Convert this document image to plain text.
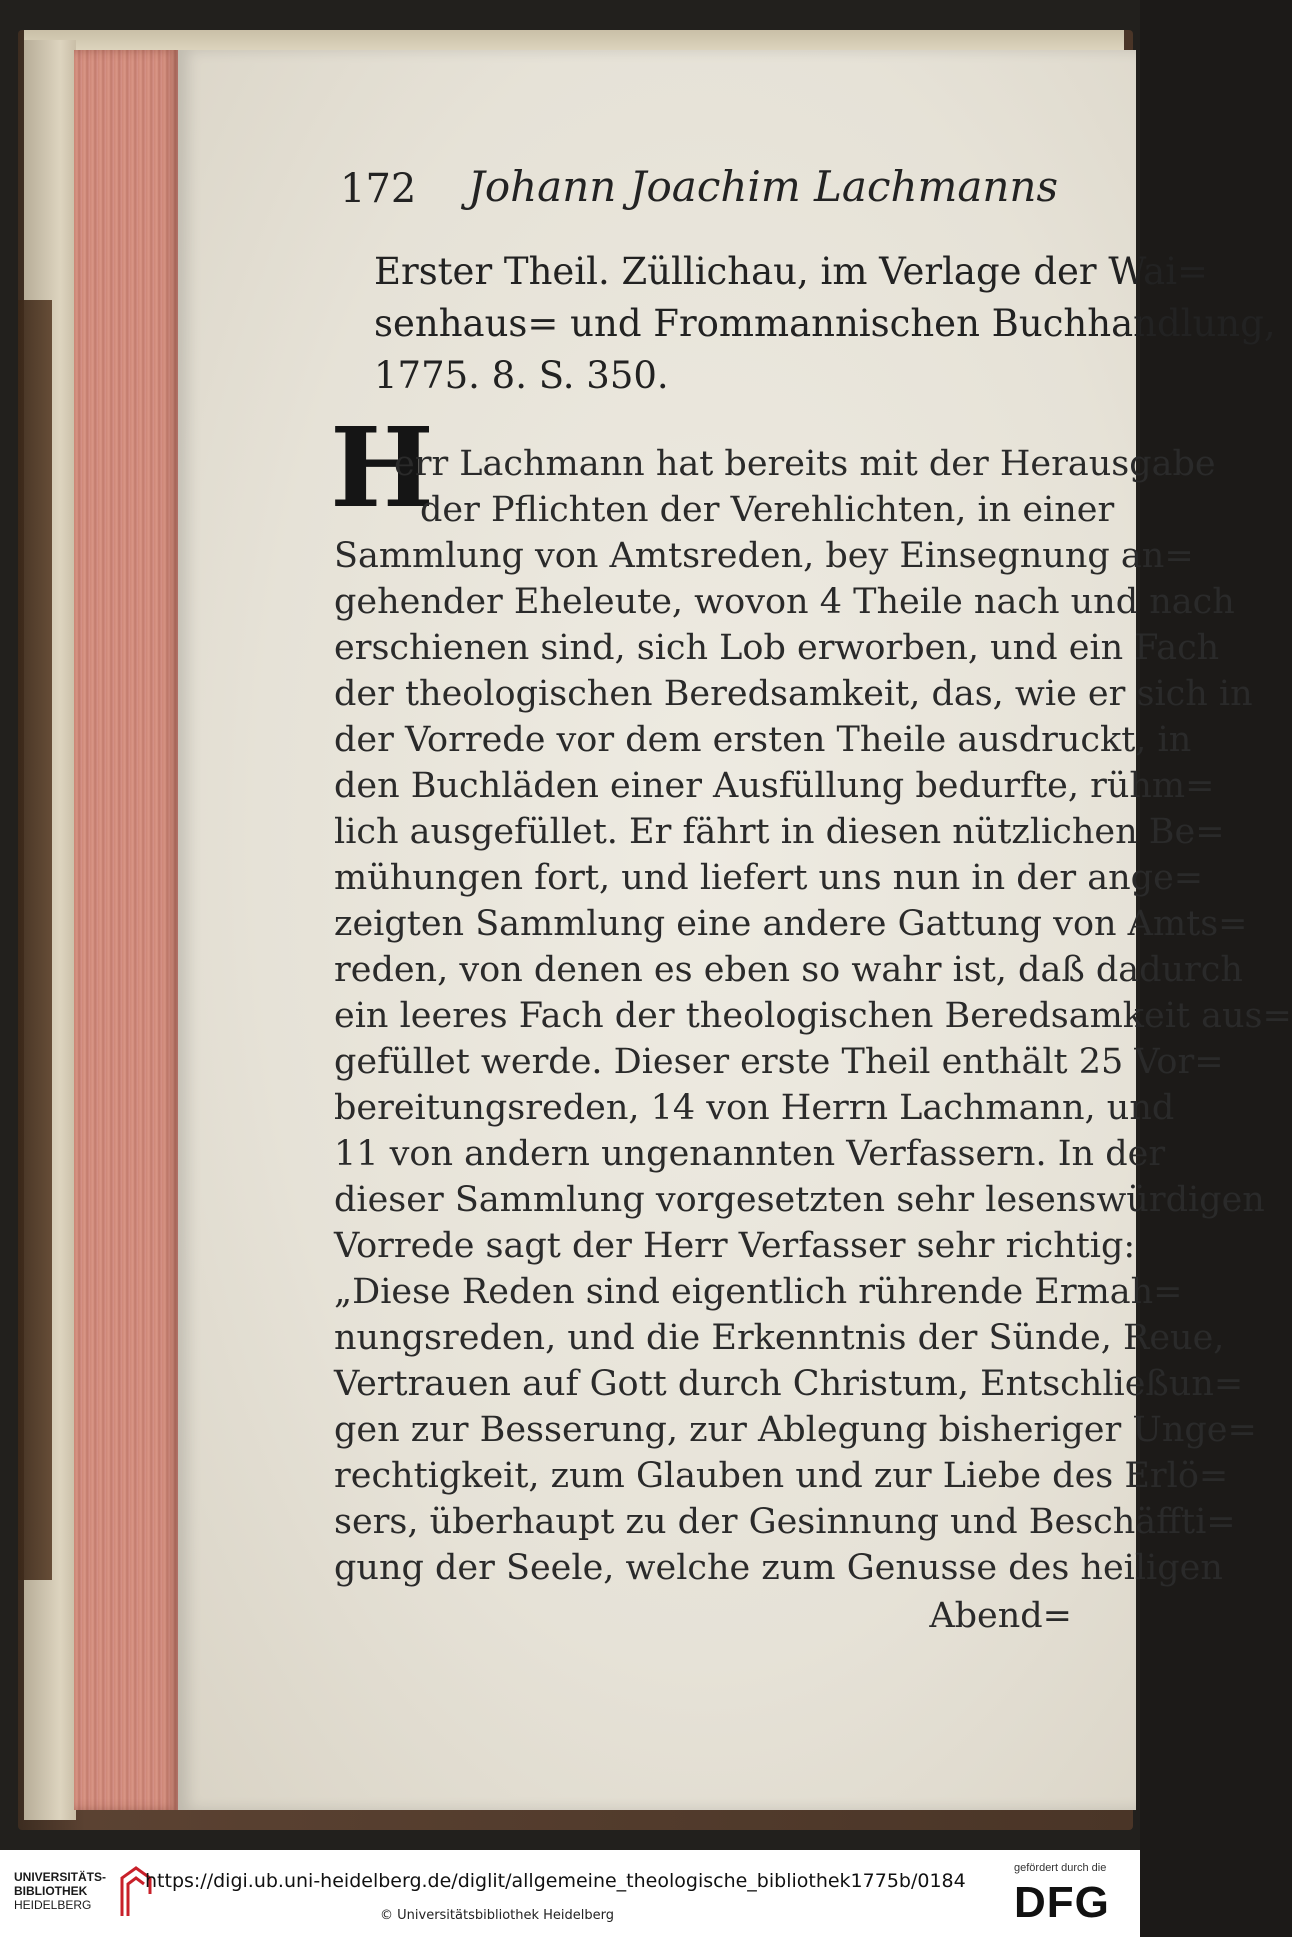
172 Johann Joachim Lachmanns
Erster Theil. Züllichau, im Verlage der Wai=
senhaus= und Frommannischen Buchhandlung,
1775. 8. S. 350.
H
err Lachmann hat bereits mit der Herausgabe
der Pflichten der Verehlichten, in einer
Sammlung von Amtsreden, bey Einsegnung an=
gehender Eheleute, wovon 4 Theile nach und nach
erschienen sind, sich Lob erworben, und ein Fach
der theologischen Beredsamkeit, das, wie er sich in
der Vorrede vor dem ersten Theile ausdruckt, in
den Buchläden einer Ausfüllung bedurfte, rühm=
lich ausgefüllet. Er fährt in diesen nützlichen Be=
mühungen fort, und liefert uns nun in der ange=
zeigten Sammlung eine andere Gattung von Amts=
reden, von denen es eben so wahr ist, daß dadurch
ein leeres Fach der theologischen Beredsamkeit aus=
gefüllet werde. Dieser erste Theil enthält 25 Vor=
bereitungsreden, 14 von Herrn Lachmann, und
11 von andern ungenannten Verfassern. In der
dieser Sammlung vorgesetzten sehr lesenswürdigen
Vorrede sagt der Herr Verfasser sehr richtig:
„Diese Reden sind eigentlich rührende Ermah=
nungsreden, und die Erkenntnis der Sünde, Reue,
Vertrauen auf Gott durch Christum, Entschließun=
gen zur Besserung, zur Ablegung bisheriger Unge=
rechtigkeit, zum Glauben und zur Liebe des Erlö=
sers, überhaupt zu der Gesinnung und Beschäffti=
gung der Seele, welche zum Genusse des heiligen
Abend=
UNIVERSITÄTS-
BIBLIOTHEK
HEIDELBERG
https://digi.ub.uni-heidelberg.de/diglit/allgemeine_theologische_bibliothek1775b/0184
© Universitätsbibliothek Heidelberg
gefördert durch die
DFG
